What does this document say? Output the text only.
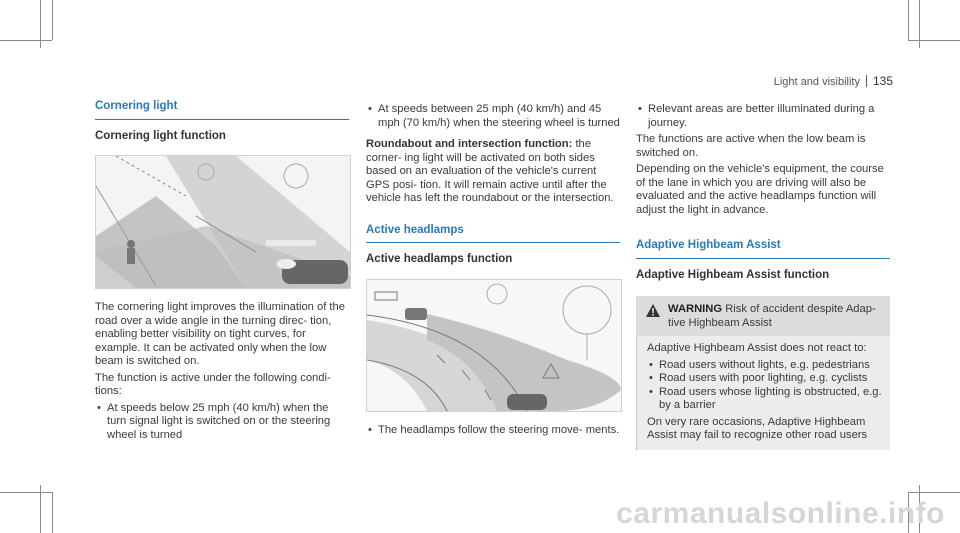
Light and visibility 135
Cornering light
Cornering light function

The cornering light improves the illumination of the road over a wide angle in the turning direc- tion, enabling better visibility on tight curves, for example. It can be activated only when the low beam is switched on.

The function is active under the following condi- tions:

• At speeds below 25 mph (40 km/h) when the turn signal light is switched on or the steering wheel is turned
• At speeds between 25 mph (40 km/h) and 45 mph (70 km/h) when the steering wheel is turned

Roundabout and intersection function: the corner- ing light will be activated on both sides based on an evaluation of the vehicle's current GPS posi- tion. It will remain active until after the vehicle has left the roundabout or the intersection.

Active headlamps
Active headlamps function
• The headlamps follow the steering move- ments.
• Relevant areas are better illuminated during a journey.

The functions are active when the low beam is switched on.

Depending on the vehicle's equipment, the course of the lane in which you are driving will also be evaluated and the active headlamps function will adjust the light in advance.

Adaptive Highbeam Assist
Adaptive Highbeam Assist function
WARNING Risk of accident despite Adap- tive Highbeam Assist

Adaptive Highbeam Assist does not react to:

• Road users without lights, e.g. pedestrians
• Road users with poor lighting, e.g. cyclists
• Road users whose lighting is obstructed, e.g. by a barrier

On very rare occasions, Adaptive Highbeam Assist may fail to recognize other road users

carmanualsonline.info
